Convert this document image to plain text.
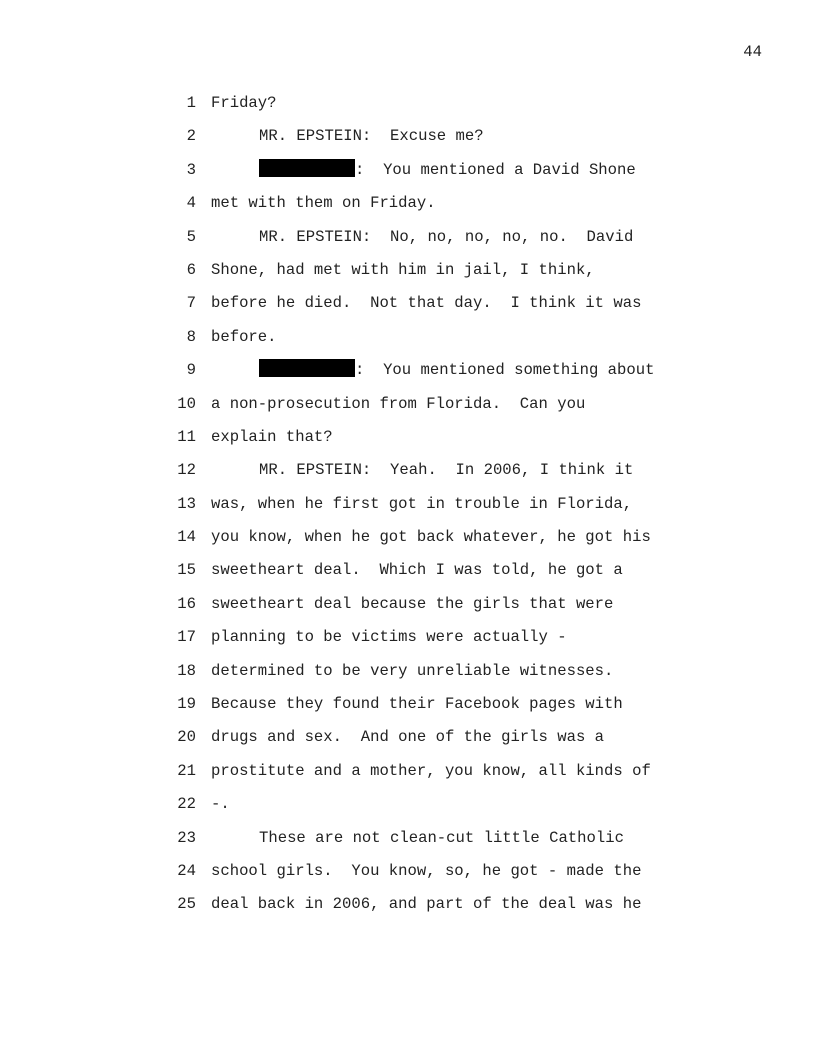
44
1 Friday?
2	MR. EPSTEIN:  Excuse me?
3	:  You mentioned a David Shone
4 met with them on Friday.
5	MR. EPSTEIN:  No, no, no, no, no.  David
6 Shone, had met with him in jail, I think,
7 before he died.  Not that day.  I think it was
8 before.
9	:  You mentioned something about
10 a non-prosecution from Florida.  Can you
11 explain that?
12	MR. EPSTEIN:  Yeah.  In 2006, I think it
13 was, when he first got in trouble in Florida,
14 you know, when he got back whatever, he got his
15 sweetheart deal.  Which I was told, he got a
16 sweetheart deal because the girls that were
17 planning to be victims were actually -
18 determined to be very unreliable witnesses.
19 Because they found their Facebook pages with
20 drugs and sex.  And one of the girls was a
21 prostitute and a mother, you know, all kinds of
22 -.
23	These are not clean-cut little Catholic
24 school girls.  You know, so, he got - made the
25 deal back in 2006, and part of the deal was he
